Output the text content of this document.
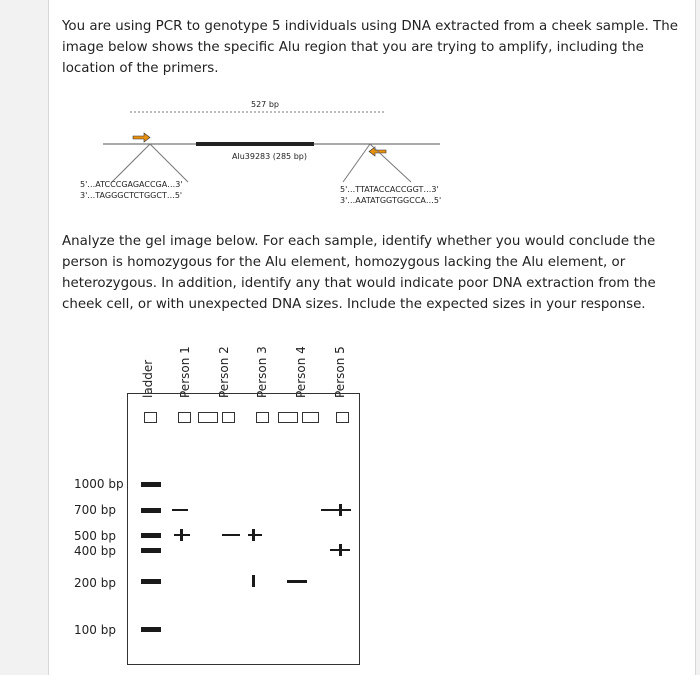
You are using PCR to genotype 5 individuals using DNA extracted from a cheek sample. The image below shows the specific Alu region that you are trying to amplify, including the location of the primers.

527 bp
Alu39283 (285 bp)
5'…ATCCCGAGACCGA…3'
3'…TAGGGCTCTGGCT…5'
5'…TTATACCACCGGT…3'
3'…AATATGGTGGCCA…5'

Analyze the gel image below. For each sample, identify whether you would conclude the person is homozygous for the Alu element, homozygous lacking the Alu element, or heterozygous. In addition, identify any that would indicate poor DNA extraction from the cheek cell, or with unexpected DNA sizes. Include the expected sizes in your response.

ladder Person 1 Person 2 Person 3 Person 4 Person 5
1000 bp
700 bp
500 bp
400 bp
200 bp
100 bp
